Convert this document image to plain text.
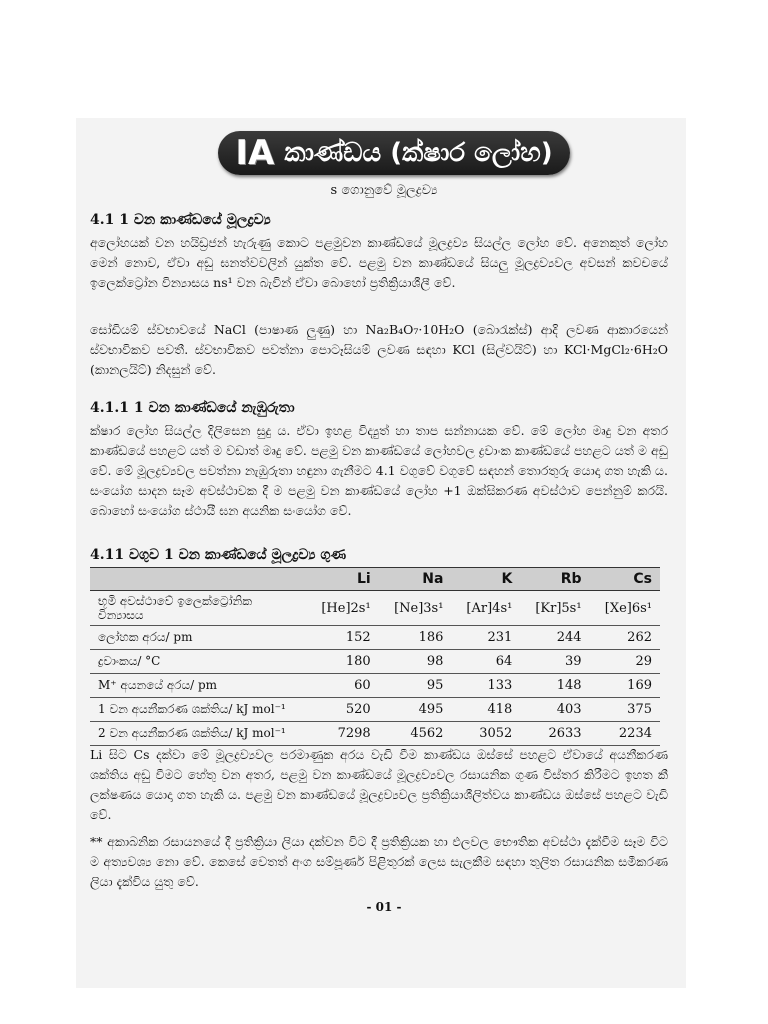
IA කාණ්ඩය (ක්ෂාර ලෝහ)
s ගොනුවේ මූලද්‍රව්‍ය
4.1 1 වන කාණ්ඩයේ මූලද්‍රව්‍ය
අලෝහයක් වන හයිඩ්‍රජන් හැරුණු කොට පළමුවන කාණ්ඩයේ මූලද්‍රව්‍ය සියල්ල ලෝහ වේ. අනෙකුත් ලෝහ මෙන් නොව, ඒවා අඩු ඝනත්වවලින් යුක්ත වේ. පළමු වන කාණ්ඩයේ සියලු මූලද්‍රව්‍යවල අවසන් කවචයේ ඉලෙක්ට්‍රෝන වින්‍යාසය ns¹ වන බැවින් ඒවා බොහෝ ප්‍රතික්‍රියාශීලී වේ.
සෝඩියම් ස්වභාවයේ NaCl (පාෂාණ ලුණු) හා Na₂B₄O₇·10H₂O (බොරැක්ස්) ආදි ලවණ ආකාරයෙන් ස්වභාවිකව පවතී. ස්වභාවිකව පවත්නා පොටෑසියම් ලවණ සඳහා KCl (සිල්වයිට්) හා KCl·MgCl₂·6H₂O (කානලයිට්) නිදසුන් වේ.
4.1.1 1 වන කාණ්ඩයේ නැඹුරුතා
ක්ෂාර ලෝහ සියල්ල දිලිසෙන සුදු ය. ඒවා ඉහළ විද්‍යුත් හා තාප සන්නායක වේ. මේ ලෝහ මෘදු වන අතර කාණ්ඩයේ පහළට යත් ම වඩාත් මෘදු වේ. පළමු වන කාණ්ඩයේ ලෝහවල ද්‍රවාංක කාණ්ඩයේ පහළට යත් ම අඩු වේ. මේ මූලද්‍රව්‍යවල පවත්නා නැඹුරුතා හඳුනා ගැනීමට 4.1 වගුවේ වගුවේ සඳහන් තොරතුරු යොදා ගත හැකි ය. සංයෝග සාදන සෑම අවස්ථාවක දී ම පළමු වන කාණ්ඩයේ ලෝහ +1 ඔක්සිකරණ අවස්ථාව පෙන්නුම් කරයි. බොහෝ සංයෝග ස්ථායී ඝන අයනික සංයෝග වේ.
4.11 වගුව 1 වන කාණ්ඩයේ මූලද්‍රව්‍ය ගුණ
	Li	Na	K	Rb	Cs
භූමි අවස්ථාවේ ඉලෙක්ට්‍රෝනික වින්‍යාසය	[He]2s¹	[Ne]3s¹	[Ar]4s¹	[Kr]5s¹	[Xe]6s¹
ලෝහක අරය/ pm	152	186	231	244	262
ද්‍රවාංකය/ °C	180	98	64	39	29
M⁺ අයනයේ අරය/ pm	60	95	133	148	169
1 වන අයනීකරණ ශක්තිය/ kJ mol⁻¹	520	495	418	403	375
2 වන අයනීකරණ ශක්තිය/ kJ mol⁻¹	7298	4562	3052	2633	2234
Li සිට Cs දක්වා මේ මූලද්‍රව්‍යවල පරමාණුක අරය වැඩි වීම කාණ්ඩය ඔස්සේ පහළට ඒවායේ අයනීකරණ ශක්තිය අඩු වීමට හේතු වන අතර, පළමු වන කාණ්ඩයේ මූලද්‍රව්‍යවල රසායනික ගුණ විස්තර කිරීමට ඉහත කී ලක්ෂණය යොදා ගත හැකි ය. පළමු වන කාණ්ඩයේ මූලද්‍රව්‍යවල ප්‍රතික්‍රියාශීලිත්වය කාණ්ඩය ඔස්සේ පහළට වැඩි වේ.
** අකාබනික රසායනයේ දී ප්‍රතික්‍රියා ලියා දක්වන විට දී ප්‍රතික්‍රියක හා ඵලවල භෞතික අවස්ථා දැක්වීම සෑම විට ම අත්‍යවශ්‍ය නො වේ. කෙසේ වෙතත් අංග සම්පූර්ණ පිළිතුරක් ලෙස සැලකීම සඳහා තුලිත රසායනික සමීකරණ ලියා දැක්විය යුතු වේ.
- 01 -
